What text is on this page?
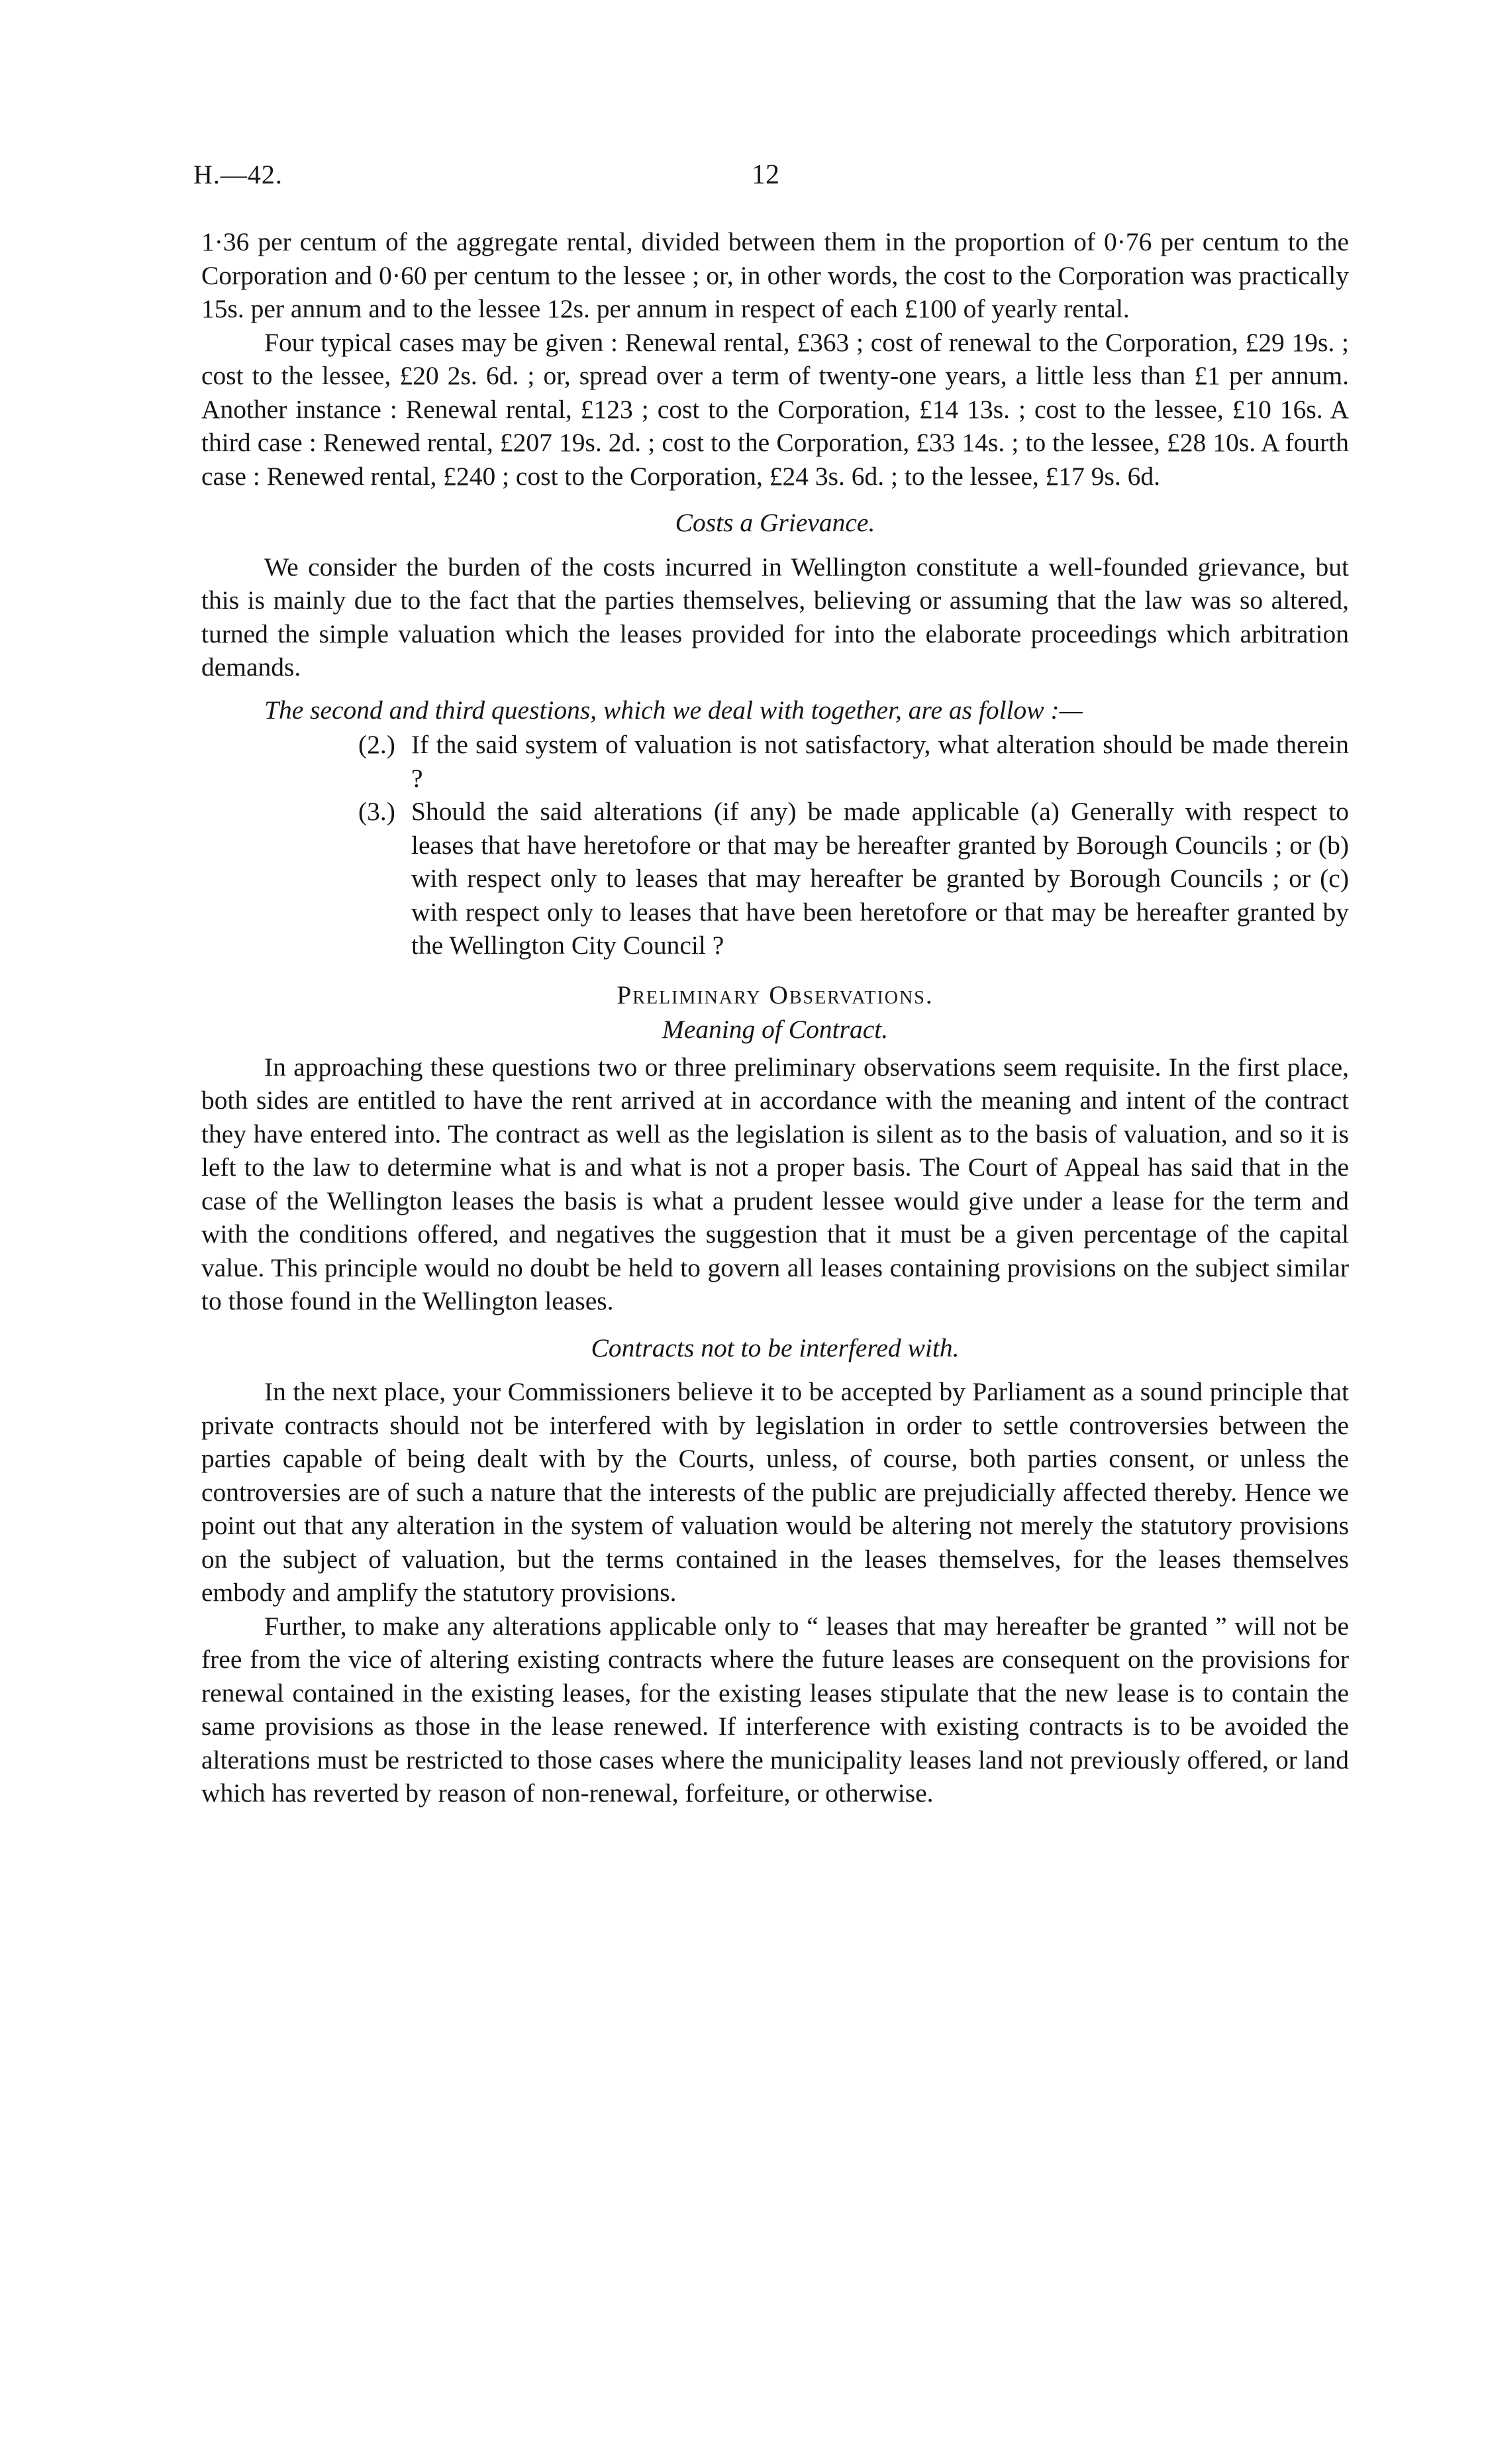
H.—42.	12

1·36 per centum of the aggregate rental, divided between them in the proportion of 0·76 per centum to the Corporation and 0·60 per centum to the lessee ; or, in other words, the cost to the Corporation was practically 15s. per annum and to the lessee 12s. per annum in respect of each £100 of yearly rental.

Four typical cases may be given : Renewal rental, £363 ; cost of renewal to the Corporation, £29 19s. ; cost to the lessee, £20 2s. 6d. ; or, spread over a term of twenty-one years, a little less than £1 per annum. Another instance : Renewal rental, £123 ; cost to the Corporation, £14 13s. ; cost to the lessee, £10 16s. A third case : Renewed rental, £207 19s. 2d. ; cost to the Corporation, £33 14s. ; to the lessee, £28 10s. A fourth case : Renewed rental, £240 ; cost to the Corporation, £24 3s. 6d. ; to the lessee, £17 9s. 6d.

Costs a Grievance.

We consider the burden of the costs incurred in Wellington constitute a well-founded grievance, but this is mainly due to the fact that the parties themselves, believing or assuming that the law was so altered, turned the simple valuation which the leases provided for into the elaborate proceedings which arbitration demands.

The second and third questions, which we deal with together, are as follow :—

(2.) If the said system of valuation is not satisfactory, what alteration should be made therein ?

(3.) Should the said alterations (if any) be made applicable (a) Generally with respect to leases that have heretofore or that may be hereafter granted by Borough Councils ; or (b) with respect only to leases that may hereafter be granted by Borough Councils ; or (c) with respect only to leases that have been heretofore or that may be hereafter granted by the Wellington City Council ?

Preliminary Observations.

Meaning of Contract.

In approaching these questions two or three preliminary observations seem requisite. In the first place, both sides are entitled to have the rent arrived at in accordance with the meaning and intent of the contract they have entered into. The contract as well as the legislation is silent as to the basis of valuation, and so it is left to the law to determine what is and what is not a proper basis. The Court of Appeal has said that in the case of the Wellington leases the basis is what a prudent lessee would give under a lease for the term and with the conditions offered, and negatives the suggestion that it must be a given percentage of the capital value. This principle would no doubt be held to govern all leases containing provisions on the subject similar to those found in the Wellington leases.

Contracts not to be interfered with.

In the next place, your Commissioners believe it to be accepted by Parliament as a sound principle that private contracts should not be interfered with by legislation in order to settle controversies between the parties capable of being dealt with by the Courts, unless, of course, both parties consent, or unless the controversies are of such a nature that the interests of the public are prejudicially affected thereby. Hence we point out that any alteration in the system of valuation would be altering not merely the statutory provisions on the subject of valuation, but the terms contained in the leases themselves, for the leases themselves embody and amplify the statutory provisions.

Further, to make any alterations applicable only to “ leases that may hereafter be granted ” will not be free from the vice of altering existing contracts where the future leases are consequent on the provisions for renewal contained in the existing leases, for the existing leases stipulate that the new lease is to contain the same provisions as those in the lease renewed. If interference with existing contracts is to be avoided the alterations must be restricted to those cases where the municipality leases land not previously offered, or land which has reverted by reason of non-renewal, forfeiture, or otherwise.
